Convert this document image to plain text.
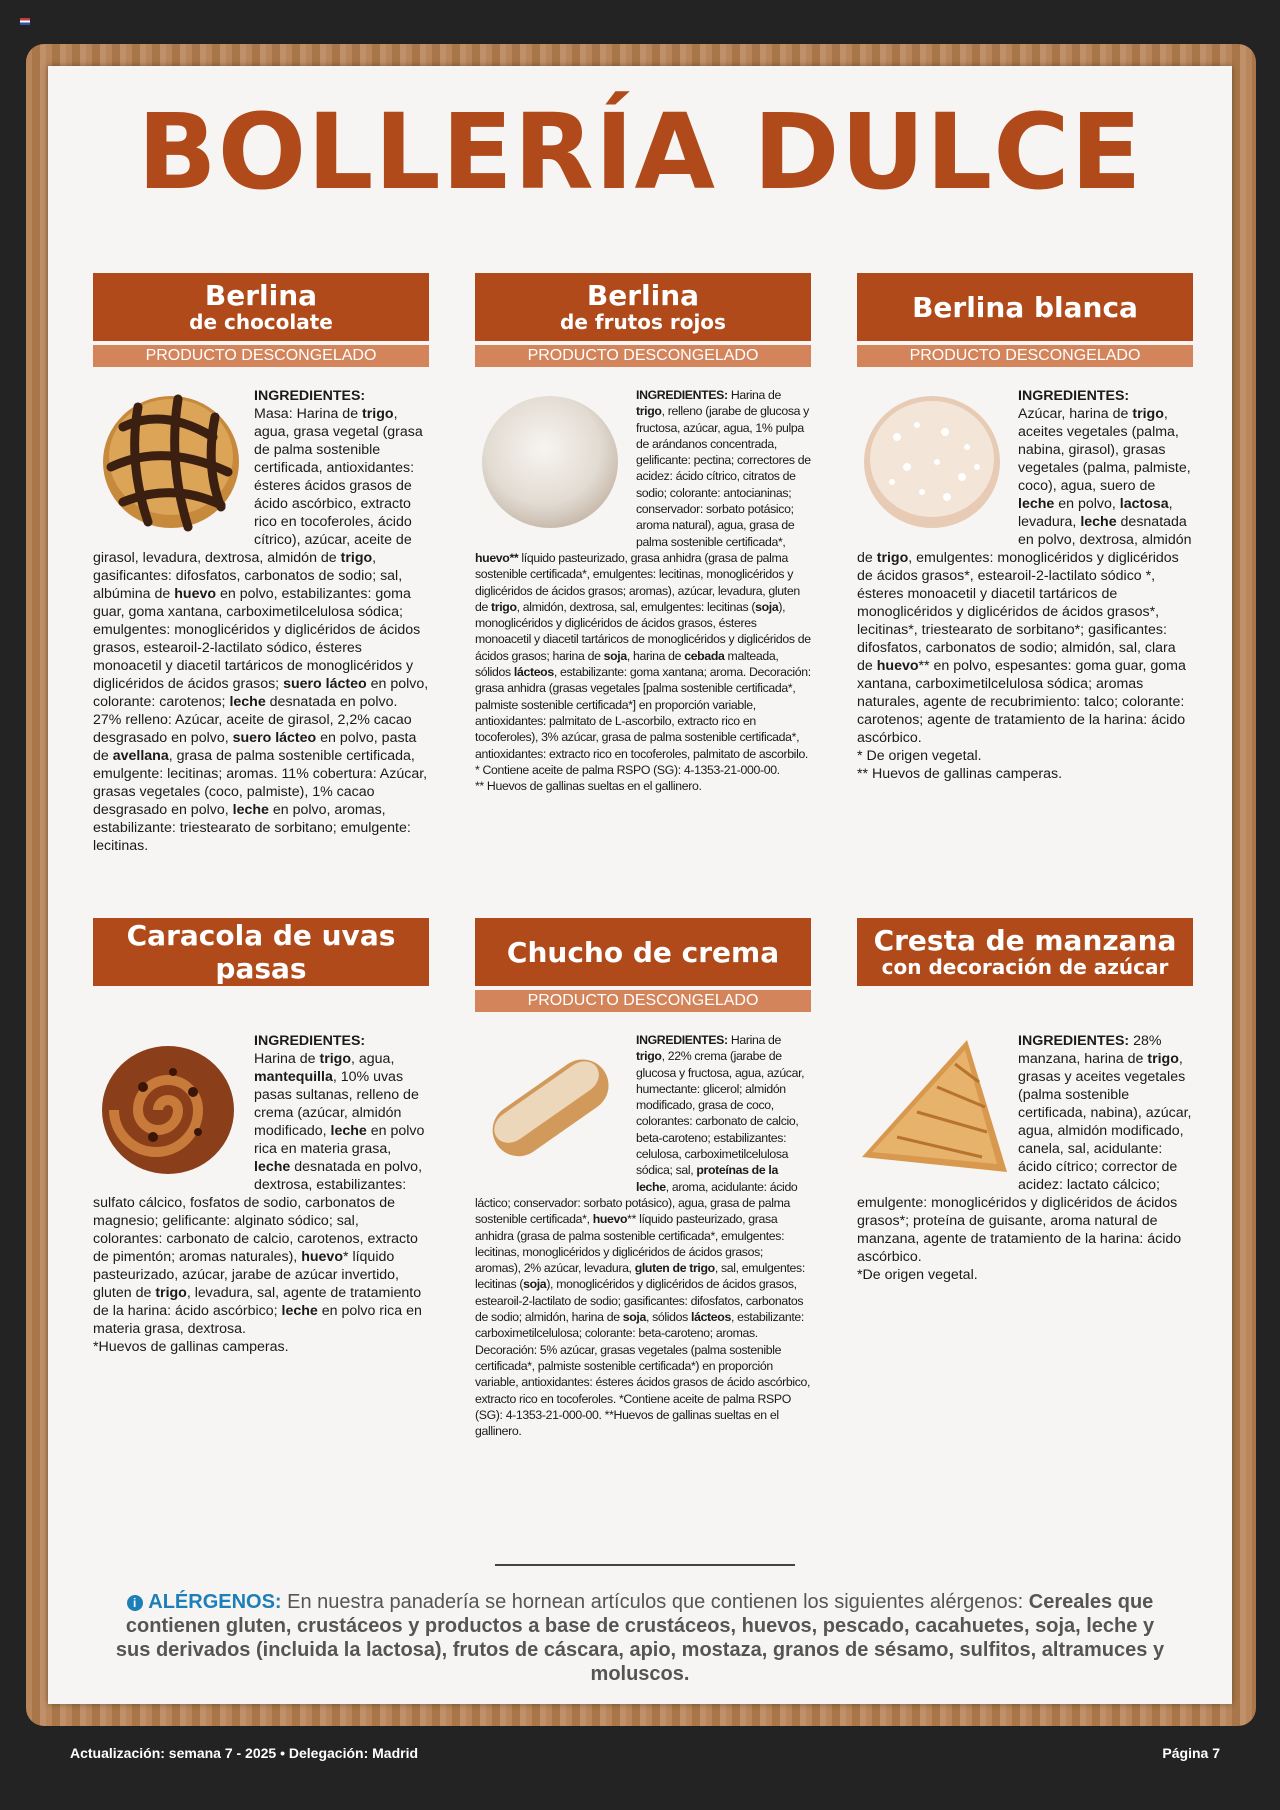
BOLLERÍA DULCE
Berlina
de chocolate
PRODUCTO DESCONGELADO

INGREDIENTES:
Masa: Harina de trigo, agua, grasa vegetal (grasa de palma sostenible certificada, antioxidantes: ésteres ácidos grasos de ácido ascórbico, extracto rico en tocoferoles, ácido cítrico), azúcar, aceite de girasol, levadura, dextrosa, almidón de trigo, gasificantes: difosfatos, carbonatos de sodio; sal, albúmina de huevo en polvo, estabilizantes: goma guar, goma xantana, carboximetilcelulosa sódica; emulgentes: monoglicéridos y diglicéridos de ácidos grasos, estearoil-2-lactilato sódico, ésteres monoacetil y diacetil tartáricos de monoglicéridos y diglicéridos de ácidos grasos; suero lácteo en polvo, colorante: carotenos; leche desnatada en polvo. 27% relleno: Azúcar, aceite de girasol, 2,2% cacao desgrasado en polvo, suero lácteo en polvo, pasta de avellana, grasa de palma sostenible certificada, emulgente: lecitinas; aromas. 11% cobertura: Azúcar, grasas vegetales (coco, palmiste), 1% cacao desgrasado en polvo, leche en polvo, aromas, estabilizante: triestearato de sorbitano; emulgente: lecitinas.

Berlina
de frutos rojos
PRODUCTO DESCONGELADO

INGREDIENTES: Harina de trigo, relleno (jarabe de glucosa y fructosa, azúcar, agua, 1% pulpa de arándanos concentrada, gelificante: pectina; correctores de acidez: ácido cítrico, citratos de sodio; colorante: antocianinas; conservador: sorbato potásico; aroma natural), agua, grasa de palma sostenible certificada*, huevo** líquido pasteurizado, grasa anhidra (grasa de palma sostenible certificada*, emulgentes: lecitinas, monoglicéridos y diglicéridos de ácidos grasos; aromas), azúcar, levadura, gluten de trigo, almidón, dextrosa, sal, emulgentes: lecitinas (soja), monoglicéridos y diglicéridos de ácidos grasos, ésteres monoacetil y diacetil tartáricos de monoglicéridos y diglicéridos de ácidos grasos; harina de soja, harina de cebada malteada, sólidos lácteos, estabilizante: goma xantana; aroma. Decoración: grasa anhidra (grasas vegetales [palma sostenible certificada*, palmiste sostenible certificada*] en proporción variable, antioxidantes: palmitato de L-ascorbilo, extracto rico en tocoferoles), 3% azúcar, grasa de palma sostenible certificada*, antioxidantes: extracto rico en tocoferoles, palmitato de ascorbilo.
* Contiene aceite de palma RSPO (SG): 4-1353-21-000-00.
** Huevos de gallinas sueltas en el gallinero.

Berlina blanca
PRODUCTO DESCONGELADO

INGREDIENTES:
Azúcar, harina de trigo, aceites vegetales (palma, nabina, girasol), grasas vegetales (palma, palmiste, coco), agua, suero de leche en polvo, lactosa, levadura, leche desnatada en polvo, dextrosa, almidón de trigo, emulgentes: monoglicéridos y diglicéridos de ácidos grasos*, estearoil-2-lactilato sódico *, ésteres monoacetil y diacetil tartáricos de monoglicéridos y diglicéridos de ácidos grasos*, lecitinas*, triestearato de sorbitano*; gasificantes: difosfatos, carbonatos de sodio; almidón, sal, clara de huevo** en polvo, espesantes: goma guar, goma xantana, carboximetilcelulosa sódica; aromas naturales, agente de recubrimiento: talco; colorante: carotenos; agente de tratamiento de la harina: ácido ascórbico.
* De origen vegetal.
** Huevos de gallinas camperas.

Caracola de uvas pasas

INGREDIENTES:
Harina de trigo, agua, mantequilla, 10% uvas pasas sultanas, relleno de crema (azúcar, almidón modificado, leche en polvo rica en materia grasa, leche desnatada en polvo, dextrosa, estabilizantes: sulfato cálcico, fosfatos de sodio, carbonatos de magnesio; gelificante: alginato sódico; sal, colorantes: carbonato de calcio, carotenos, extracto de pimentón; aromas naturales), huevo* líquido pasteurizado, azúcar, jarabe de azúcar invertido, gluten de trigo, levadura, sal, agente de tratamiento de la harina: ácido ascórbico; leche en polvo rica en materia grasa, dextrosa.
*Huevos de gallinas camperas.

Chucho de crema
PRODUCTO DESCONGELADO

INGREDIENTES: Harina de trigo, 22% crema (jarabe de glucosa y fructosa, agua, azúcar, humectante: glicerol; almidón modificado, grasa de coco, colorantes: carbonato de calcio, beta-caroteno; estabilizantes: celulosa, carboximetilcelulosa sódica; sal, proteínas de la leche, aroma, acidulante: ácido láctico; conservador: sorbato potásico), agua, grasa de palma sostenible certificada*, huevo** líquido pasteurizado, grasa anhidra (grasa de palma sostenible certificada*, emulgentes: lecitinas, monoglicéridos y diglicéridos de ácidos grasos; aromas), 2% azúcar, levadura, gluten de trigo, sal, emulgentes: lecitinas (soja), monoglicéridos y diglicéridos de ácidos grasos, estearoil-2-lactilato de sodio; gasificantes: difosfatos, carbonatos de sodio; almidón, harina de soja, sólidos lácteos, estabilizante: carboximetilcelulosa; colorante: beta-caroteno; aromas. Decoración: 5% azúcar, grasas vegetales (palma sostenible certificada*, palmiste sostenible certificada*) en proporción variable, antioxidantes: ésteres ácidos grasos de ácido ascórbico, extracto rico en tocoferoles. *Contiene aceite de palma RSPO (SG): 4-1353-21-000-00. **Huevos de gallinas sueltas en el gallinero.

Cresta de manzana
con decoración de azúcar

INGREDIENTES: 28% manzana, harina de trigo, grasas y aceites vegetales (palma sostenible certificada, nabina), azúcar, agua, almidón modificado, canela, sal, acidulante: ácido cítrico; corrector de acidez: lactato cálcico; emulgente: monoglicéridos y diglicéridos de ácidos grasos*; proteína de guisante, aroma natural de manzana, agente de tratamiento de la harina: ácido ascórbico.
*De origen vegetal.

i ALÉRGENOS: En nuestra panadería se hornean artículos que contienen los siguientes alérgenos: Cereales que contienen gluten, crustáceos y productos a base de crustáceos, huevos, pescado, cacahuetes, soja, leche y sus derivados (incluida la lactosa), frutos de cáscara, apio, mostaza, granos de sésamo, sulfitos, altramuces y moluscos.
Actualización: semana 7 - 2025 • Delegación: Madrid	Página 7
